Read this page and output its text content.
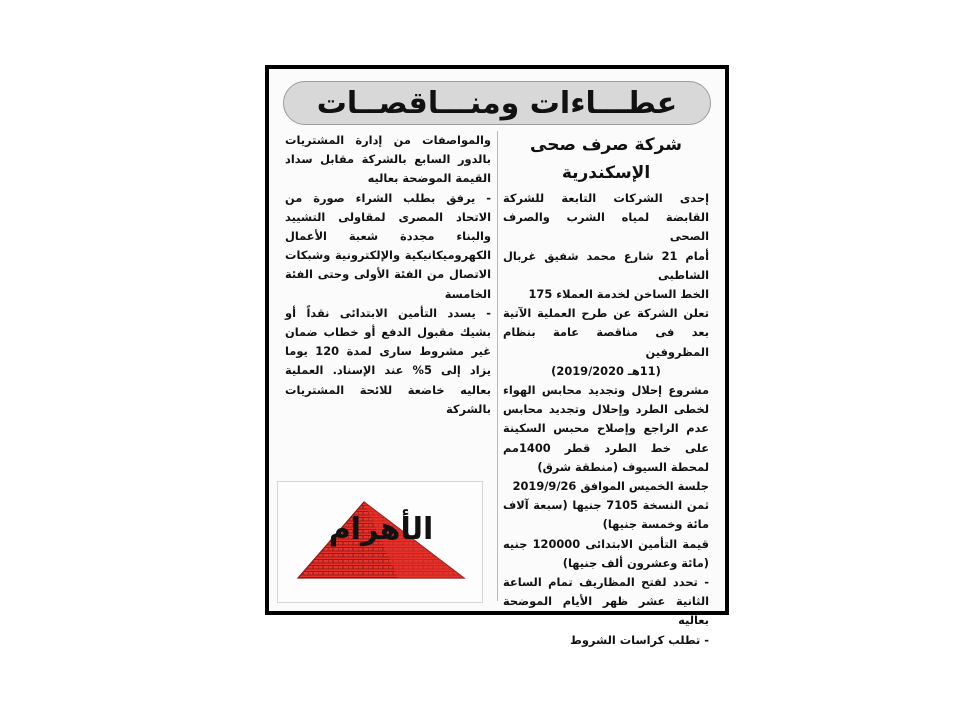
عطـــاءات ومنـــاقصــات
شركة صرف صحى الإسكندرية

إحدى الشركات التابعة للشركة القابضة لمياه الشرب والصرف الصحى

أمام 21 شارع محمد شفيق غربال الشاطبى

الخط الساخن لخدمة العملاء 175

تعلن الشركة عن طرح العملية الآتية بعد فى مناقصة عامة بنظام المظروفين

(11هـ 2019/2020)

مشروع إحلال وتجديد محابس الهواء لخطى الطرد وإحلال وتجديد محابس عدم الراجع وإصلاح محبس السكينة على خط الطرد قطر 1400مم لمحطة السيوف (منطقة شرق)

جلسة الخميس الموافق 2019/9/26

ثمن النسخة 7105 جنيها (سبعة آلاف مائة وخمسة جنيها)

قيمة التأمين الابتدائى 120000 جنيه (مائة وعشرون ألف جنيها)

- تحدد لفتح المظاريف تمام الساعة الثانية عشر ظهر الأيام الموضحة بعاليه

- تطلب كراسات الشروط

والمواصفات من إدارة المشتريات بالدور السابع بالشركة مقابل سداد القيمة الموضحة بعاليه

- يرفق بطلب الشراء صورة من الاتحاد المصرى لمقاولى التشييد والبناء مجددة شعبة الأعمال الكهروميكانيكية والإلكترونية وشبكات الاتصال من الفئة الأولى وحتى الفئة الخامسة

- يسدد التأمين الابتدائى نقداً أو بشيك مقبول الدفع أو خطاب ضمان غير مشروط سارى لمدة 120 يوما يزاد إلى 5% عند الإسناد. العملية بعاليه خاضعة للائحة المشتريات بالشركة

الأهرام
